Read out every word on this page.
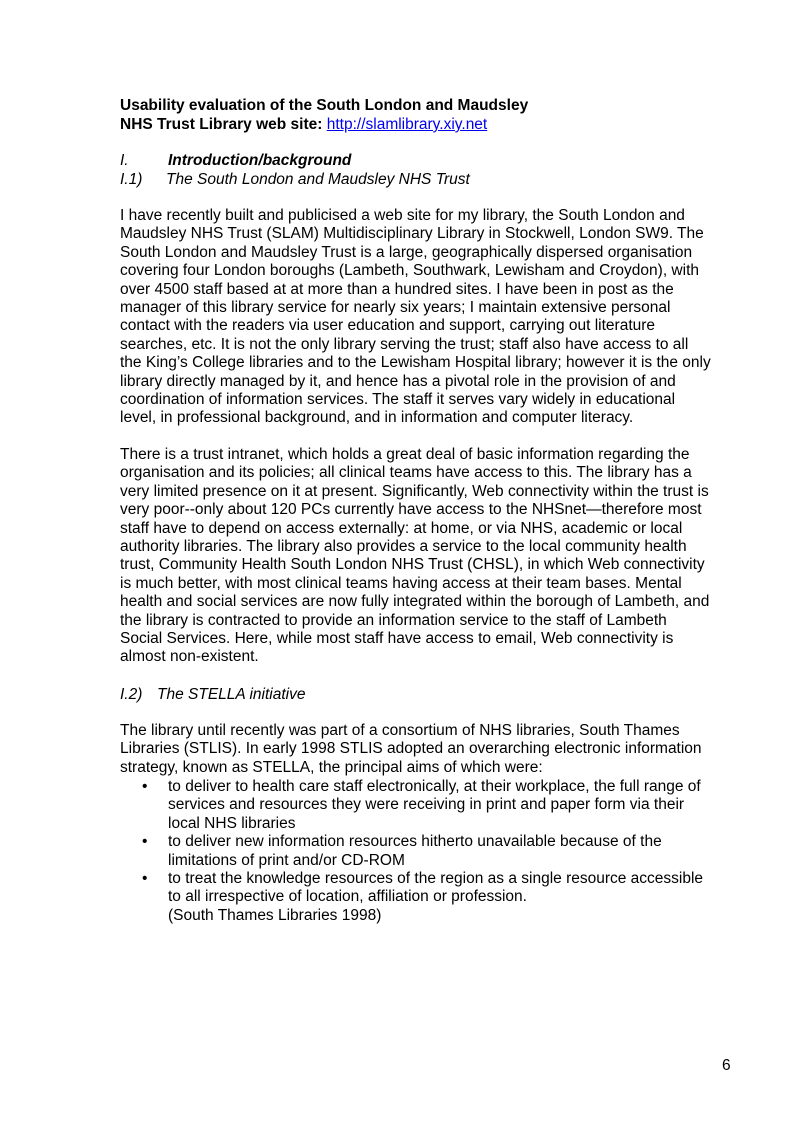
Usability evaluation of the South London and Maudsley
NHS Trust Library web site: http://slamlibrary.xiy.net
I.	Introduction/background
I.1) The South London and Maudsley NHS Trust
I have recently built and publicised a web site for my library, the South London and
Maudsley NHS Trust (SLAM) Multidisciplinary Library in Stockwell, London SW9. The
South London and Maudsley Trust is a large, geographically dispersed organisation
covering four London boroughs (Lambeth, Southwark, Lewisham and Croydon), with
over 4500 staff based at at more than a hundred sites. I have been in post as the
manager of this library service for nearly six years; I maintain extensive personal
contact with the readers via user education and support, carrying out literature
searches, etc. It is not the only library serving the trust; staff also have access to all
the King’s College libraries and to the Lewisham Hospital library; however it is the only
library directly managed by it, and hence has a pivotal role in the provision of and
coordination of information services. The staff it serves vary widely in educational
level, in professional background, and in information and computer literacy.
There is a trust intranet, which holds a great deal of basic information regarding the
organisation and its policies; all clinical teams have access to this. The library has a
very limited presence on it at present. Significantly, Web connectivity within the trust is
very poor--only about 120 PCs currently have access to the NHSnet—therefore most
staff have to depend on access externally: at home, or via NHS, academic or local
authority libraries. The library also provides a service to the local community health
trust, Community Health South London NHS Trust (CHSL), in which Web connectivity
is much better, with most clinical teams having access at their team bases. Mental
health and social services are now fully integrated within the borough of Lambeth, and
the library is contracted to provide an information service to the staff of Lambeth
Social Services. Here, while most staff have access to email, Web connectivity is
almost non-existent.
I.2) The STELLA initiative
The library until recently was part of a consortium of NHS libraries, South Thames
Libraries (STLIS). In early 1998 STLIS adopted an overarching electronic information
strategy, known as STELLA, the principal aims of which were:
• to deliver to health care staff electronically, at their workplace, the full range of
services and resources they were receiving in print and paper form via their
local NHS libraries
• to deliver new information resources hitherto unavailable because of the
limitations of print and/or CD-ROM
• to treat the knowledge resources of the region as a single resource accessible
to all irrespective of location, affiliation or profession.
(South Thames Libraries 1998)
6
